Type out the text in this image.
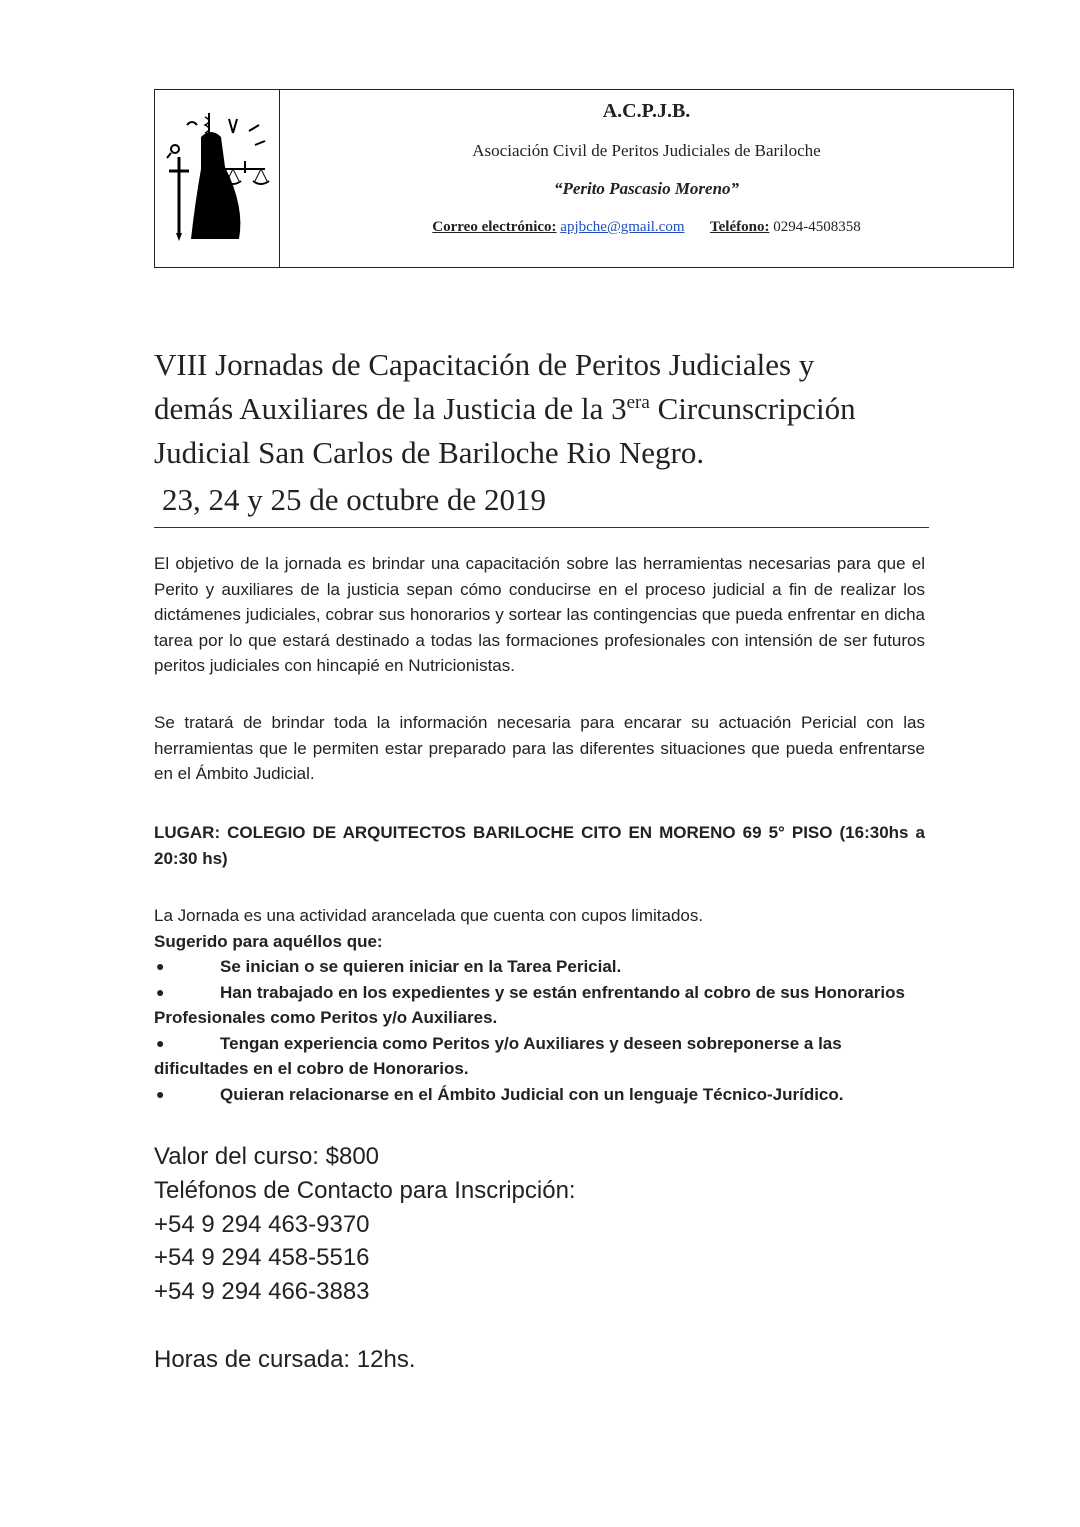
A.C.P.J.B.
Asociación Civil de Peritos Judiciales de Bariloche
“Perito Pascasio Moreno”
Correo electrónico: apjbche@gmail.com Teléfono: 0294-4508358
VIII Jornadas de Capacitación de Peritos Judiciales y
demás Auxiliares de la Justicia de la $3^{era}$ Circunscripción
Judicial San Carlos de Bariloche Rio Negro.
23, 24 y 25 de octubre de 2019
El objetivo de la jornada es brindar una capacitación sobre las herramientas necesarias para que el Perito y auxiliares de la justicia sepan cómo conducirse en el proceso judicial a fin de realizar los dictámenes judiciales, cobrar sus honorarios y sortear las contingencias que pueda enfrentar en dicha tarea por lo que estará destinado a todas las formaciones profesionales con intensión de ser futuros peritos judiciales con hincapié en Nutricionistas.
Se tratará de brindar toda la información necesaria para encarar su actuación Pericial con las herramientas que le permiten estar preparado para las diferentes situaciones que pueda enfrentarse en el Ámbito Judicial.
LUGAR: COLEGIO DE ARQUITECTOS BARILOCHE CITO EN MORENO 69 5° PISO (16:30hs a 20:30 hs)
La Jornada es una actividad arancelada que cuenta con cupos limitados.
Sugerido para aquéllos que:
●	Se inician o se quieren iniciar en la Tarea Pericial.
●	Han trabajado en los expedientes y se están enfrentando al cobro de sus Honorarios Profesionales como Peritos y/o Auxiliares.
●	Tengan experiencia como Peritos y/o Auxiliares y deseen sobreponerse a las dificultades en el cobro de Honorarios.
●	Quieran relacionarse en el Ámbito Judicial con un lenguaje Técnico-Jurídico.
Valor del curso: $800
Teléfonos de Contacto para Inscripción:
+54 9 294 463-9370
+54 9 294 458-5516
+54 9 294 466-3883
Horas de cursada: 12hs.
